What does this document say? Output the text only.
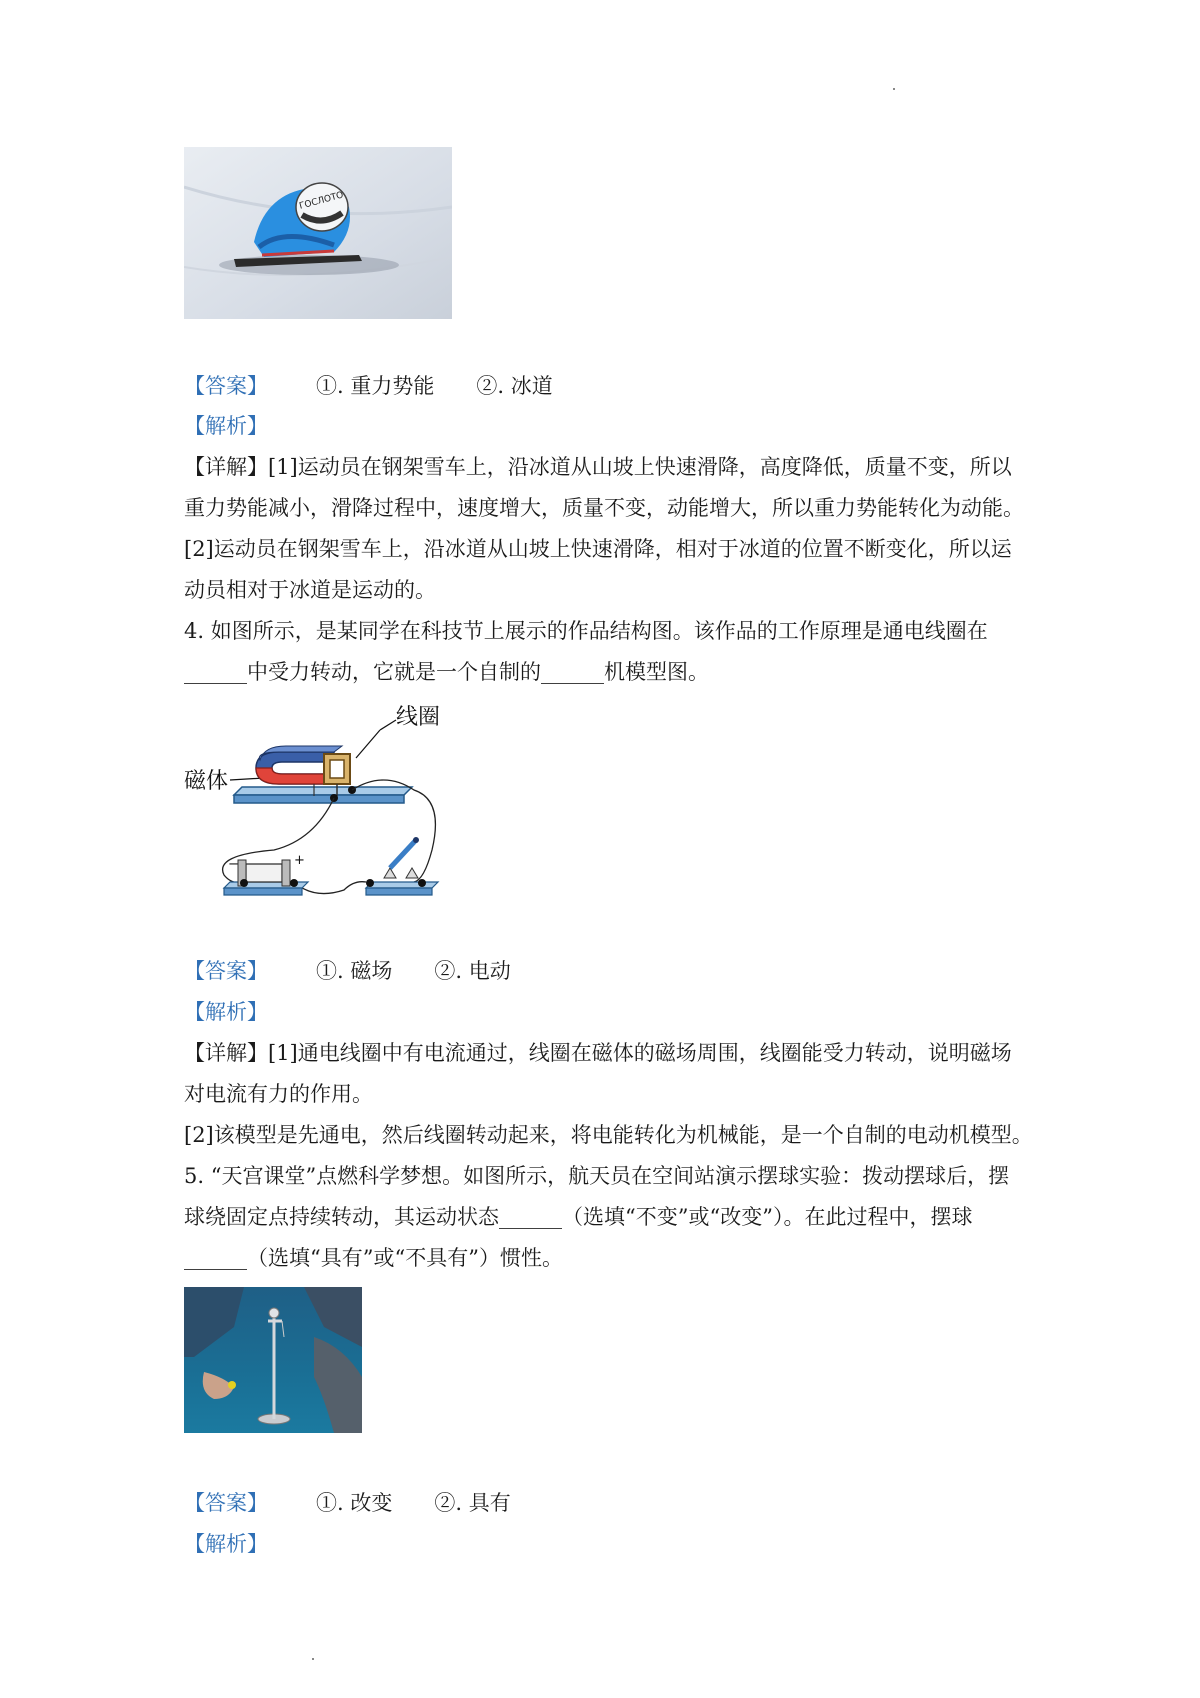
ГОСЛОТО
【答案】 ①. 重力势能 ②. 冰道
【解析】
【详解】[1]运动员在钢架雪车上，沿冰道从山坡上快速滑降，高度降低，质量不变，所以
重力势能减小，滑降过程中，速度增大，质量不变，动能增大，所以重力势能转化为动能。
[2]运动员在钢架雪车上，沿冰道从山坡上快速滑降，相对于冰道的位置不断变化，所以运
动员相对于冰道是运动的。
4. 如图所示，是某同学在科技节上展示的作品结构图。该作品的工作原理是通电线圈在
______中受力转动，它就是一个自制的______机模型图。
线圈
磁体
−	+
【答案】 ①. 磁场 ②. 电动
【解析】
【详解】[1]通电线圈中有电流通过，线圈在磁体的磁场周围，线圈能受力转动，说明磁场
对电流有力的作用。
[2]该模型是先通电，然后线圈转动起来，将电能转化为机械能，是一个自制的电动机模型。
5. “天宫课堂”点燃科学梦想。如图所示，航天员在空间站演示摆球实验：拨动摆球后，摆
球绕固定点持续转动，其运动状态______（选填“不变”或“改变”）。在此过程中，摆球
______（选填“具有”或“不具有”）惯性。
【答案】 ①. 改变 ②. 具有
【解析】
